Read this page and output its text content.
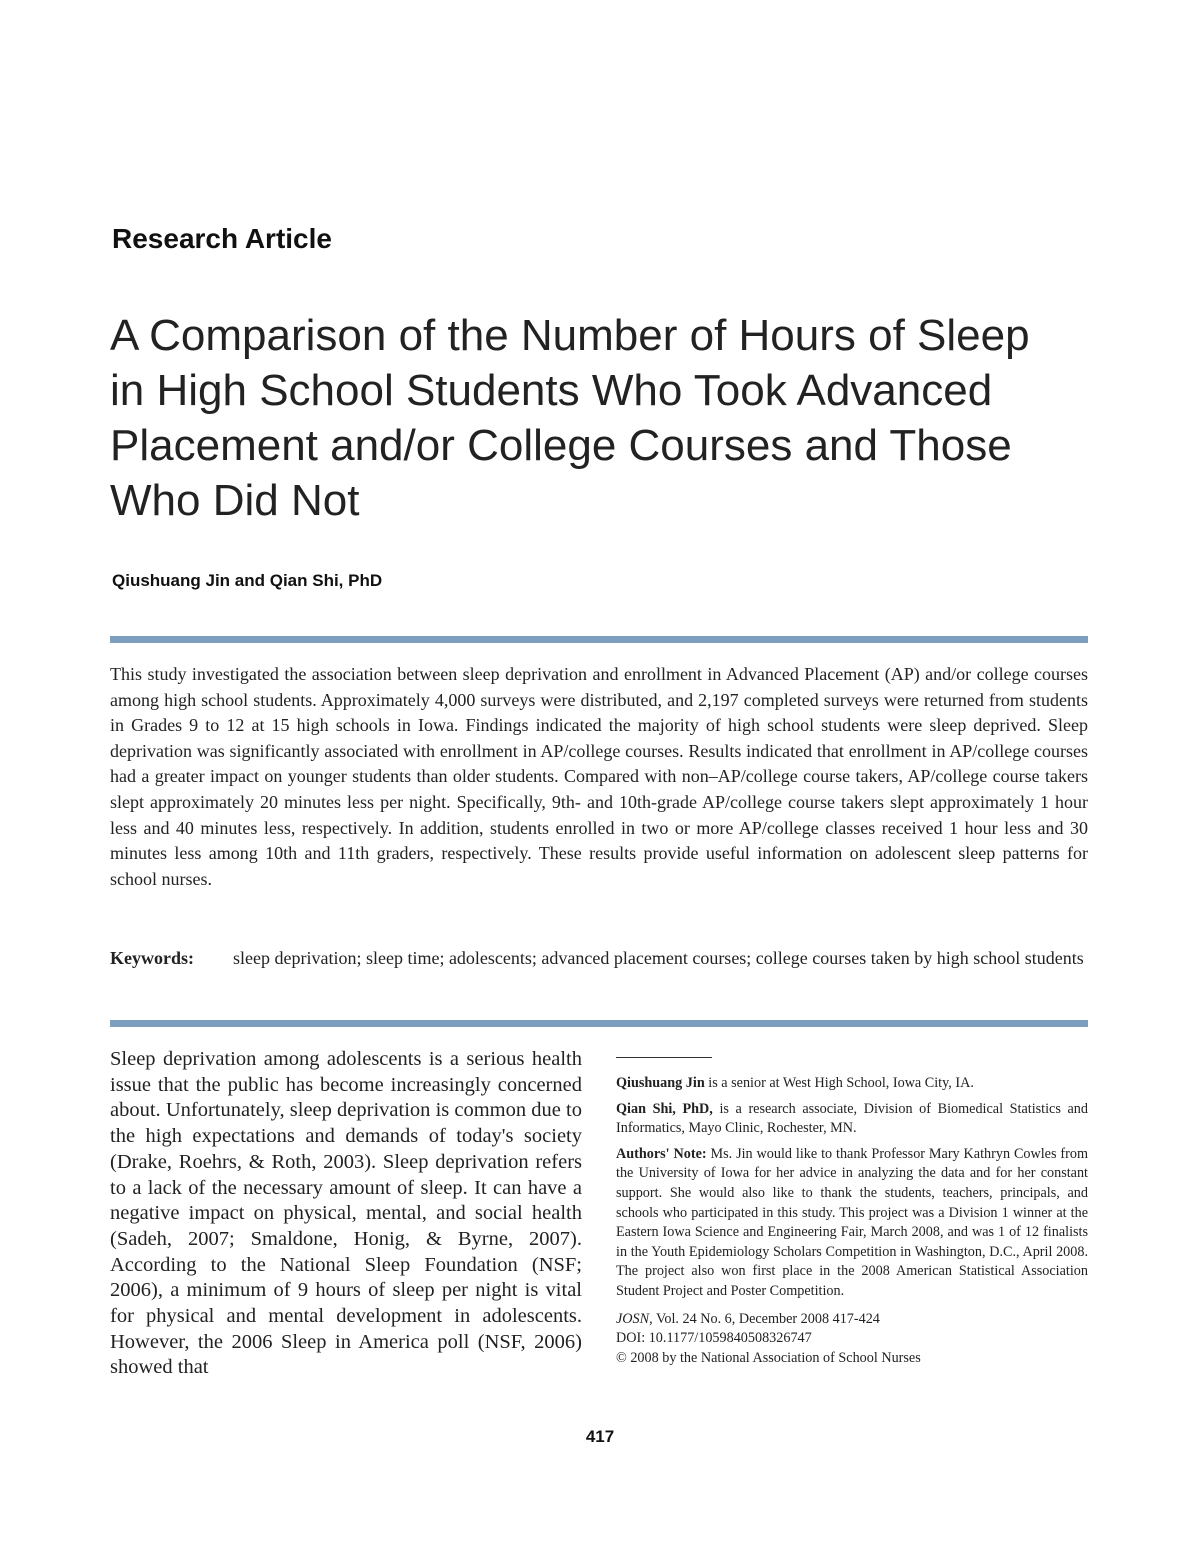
Research Article
A Comparison of the Number of Hours of Sleep
in High School Students Who Took Advanced
Placement and/or College Courses and Those
Who Did Not

Qiushuang Jin and Qian Shi, PhD

This study investigated the association between sleep deprivation and enrollment in Advanced Placement (AP) and/or college courses among high school students. Approximately 4,000 surveys were distributed, and 2,197 completed surveys were returned from students in Grades 9 to 12 at 15 high schools in Iowa. Findings indicated the majority of high school students were sleep deprived. Sleep deprivation was significantly associated with enrollment in AP/college courses. Results indicated that enrollment in AP/college courses had a greater impact on younger students than older students. Compared with non–AP/college course takers, AP/college course takers slept approximately 20 minutes less per night. Specifically, 9th- and 10th-grade AP/college course takers slept approximately 1 hour less and 40 minutes less, respectively. In addition, students enrolled in two or more AP/college classes received 1 hour less and 30 minutes less among 10th and 11th graders, respectively. These results provide useful information on adolescent sleep patterns for school nurses.

Keywords: sleep deprivation; sleep time; adolescents; advanced placement courses; college courses taken by high school students

Sleep deprivation among adolescents is a serious health issue that the public has become increasingly concerned about. Unfortunately, sleep deprivation is common due to the high expectations and demands of today's society (Drake, Roehrs, & Roth, 2003). Sleep deprivation refers to a lack of the necessary amount of sleep. It can have a negative impact on physical, mental, and social health (Sadeh, 2007; Smaldone, Honig, & Byrne, 2007). According to the National Sleep Foundation (NSF; 2006), a minimum of 9 hours of sleep per night is vital for physical and mental development in adolescents. However, the 2006 Sleep in America poll (NSF, 2006) showed that

Qiushuang Jin is a senior at West High School, Iowa City, IA.

Qian Shi, PhD, is a research associate, Division of Biomedical Statistics and Informatics, Mayo Clinic, Rochester, MN.

Authors' Note: Ms. Jin would like to thank Professor Mary Kathryn Cowles from the University of Iowa for her advice in analyzing the data and for her constant support. She would also like to thank the students, teachers, principals, and schools who participated in this study. This project was a Division 1 winner at the Eastern Iowa Science and Engineering Fair, March 2008, and was 1 of 12 finalists in the Youth Epidemiology Scholars Competition in Washington, D.C., April 2008. The project also won first place in the 2008 American Statistical Association Student Project and Poster Competition.

JOSN, Vol. 24 No. 6, December 2008 417-424
DOI: 10.1177/1059840508326747
© 2008 by the National Association of School Nurses
417
